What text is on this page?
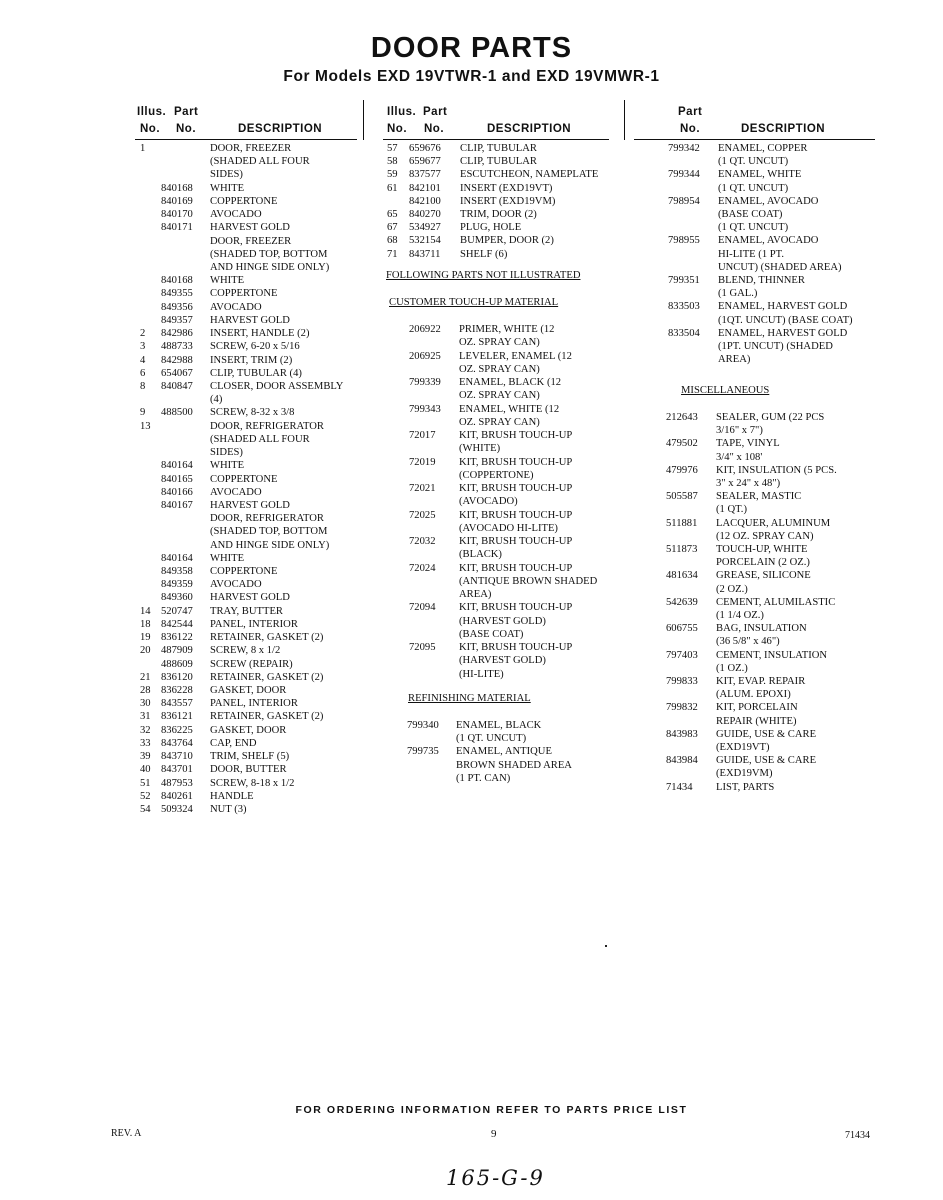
DOOR PARTS
For Models EXD 19VTWR-1 and EXD 19VMWR-1
Illus. Part
No. No.	DESCRIPTION
Illus. Part
No. No.	DESCRIPTION
Part
No.	DESCRIPTION
1	DOOR, FREEZER
(SHADED ALL FOUR
SIDES)
840168 WHITE
840169 COPPERTONE
840170 AVOCADO
840171 HARVEST GOLD
DOOR, FREEZER
(SHADED TOP, BOTTOM
AND HINGE SIDE ONLY)
840168 WHITE
849355 COPPERTONE
849356 AVOCADO
849357 HARVEST GOLD
2	842986 INSERT, HANDLE (2)
3	488733 SCREW, 6-20 x 5/16
4	842988 INSERT, TRIM (2)
6	654067 CLIP, TUBULAR (4)
8	840847 CLOSER, DOOR ASSEMBLY
(4)
9	488500 SCREW, 8-32 x 3/8
13	DOOR, REFRIGERATOR
(SHADED ALL FOUR
SIDES)
840164 WHITE
840165 COPPERTONE
840166 AVOCADO
840167 HARVEST GOLD
DOOR, REFRIGERATOR
(SHADED TOP, BOTTOM
AND HINGE SIDE ONLY)
840164 WHITE
849358 COPPERTONE
849359 AVOCADO
849360 HARVEST GOLD
14 520747 TRAY, BUTTER
18 842544 PANEL, INTERIOR
19 836122 RETAINER, GASKET (2)
20 487909 SCREW, 8 x 1/2
488609 SCREW (REPAIR)
21 836120 RETAINER, GASKET (2)
28 836228 GASKET, DOOR
30 843557 PANEL, INTERIOR
31 836121 RETAINER, GASKET (2)
32 836225 GASKET, DOOR
33 843764 CAP, END
39 843710 TRIM, SHELF (5)
40 843701 DOOR, BUTTER
51 487953 SCREW, 8-18 x 1/2
52 840261 HANDLE
54 509324 NUT (3)
57	659676 CLIP, TUBULAR
58	659677 CLIP, TUBULAR
59	837577 ESCUTCHEON, NAMEPLATE
61	842101 INSERT (EXD19VT)
842100 INSERT (EXD19VM)
65	840270 TRIM, DOOR (2)
67	534927 PLUG, HOLE
68	532154 BUMPER, DOOR (2)
71	843711 SHELF (6)
206922 PRIMER, WHITE (12
OZ. SPRAY CAN)
206925 LEVELER, ENAMEL (12
OZ. SPRAY CAN)
799339 ENAMEL, BLACK (12
OZ. SPRAY CAN)
799343 ENAMEL, WHITE (12
OZ. SPRAY CAN)
72017 KIT, BRUSH TOUCH-UP
(WHITE)
72019 KIT, BRUSH TOUCH-UP
(COPPERTONE)
72021 KIT, BRUSH TOUCH-UP
(AVOCADO)
72025 KIT, BRUSH TOUCH-UP
(AVOCADO HI-LITE)
72032 KIT, BRUSH TOUCH-UP
(BLACK)
72024 KIT, BRUSH TOUCH-UP
(ANTIQUE BROWN SHADED
AREA)
72094 KIT, BRUSH TOUCH-UP
(HARVEST GOLD)
(BASE COAT)
72095 KIT, BRUSH TOUCH-UP
(HARVEST GOLD)
(HI-LITE)
799340 ENAMEL, BLACK
(1 QT. UNCUT)
799735 ENAMEL, ANTIQUE
BROWN SHADED AREA
(1 PT. CAN)
799342 ENAMEL, COPPER
(1 QT. UNCUT)
799344 ENAMEL, WHITE
(1 QT. UNCUT)
798954 ENAMEL, AVOCADO
(BASE COAT)
(1 QT. UNCUT)
798955 ENAMEL, AVOCADO
HI-LITE (1 PT.
UNCUT) (SHADED AREA)
799351 BLEND, THINNER
(1 GAL.)
833503 ENAMEL, HARVEST GOLD
(1QT. UNCUT) (BASE COAT)
833504 ENAMEL, HARVEST GOLD
(1PT. UNCUT) (SHADED
AREA)
212643 SEALER, GUM (22 PCS
3/16" x 7")
479502 TAPE, VINYL
3/4" x 108'
479976 KIT, INSULATION (5 PCS.
3" x 24" x 48")
505587 SEALER, MASTIC
(1 QT.)
511881 LACQUER, ALUMINUM
(12 OZ. SPRAY CAN)
511873 TOUCH-UP, WHITE
PORCELAIN (2 OZ.)
481634 GREASE, SILICONE
(2 OZ.)
542639 CEMENT, ALUMILASTIC
(1 1/4 OZ.)
606755 BAG, INSULATION
(36 5/8" x 46")
797403 CEMENT, INSULATION
(1 OZ.)
799833 KIT, EVAP. REPAIR
(ALUM. EPOXI)
799832 KIT, PORCELAIN
REPAIR (WHITE)
843983 GUIDE, USE & CARE
(EXD19VT)
843984 GUIDE, USE & CARE
(EXD19VM)
71434 LIST, PARTS
FOLLOWING PARTS NOT ILLUSTRATED
CUSTOMER TOUCH-UP MATERIAL
REFINISHING MATERIAL
MISCELLANEOUS
FOR ORDERING INFORMATION REFER TO PARTS PRICE LIST
REV. A	9	71434
165-G-9
